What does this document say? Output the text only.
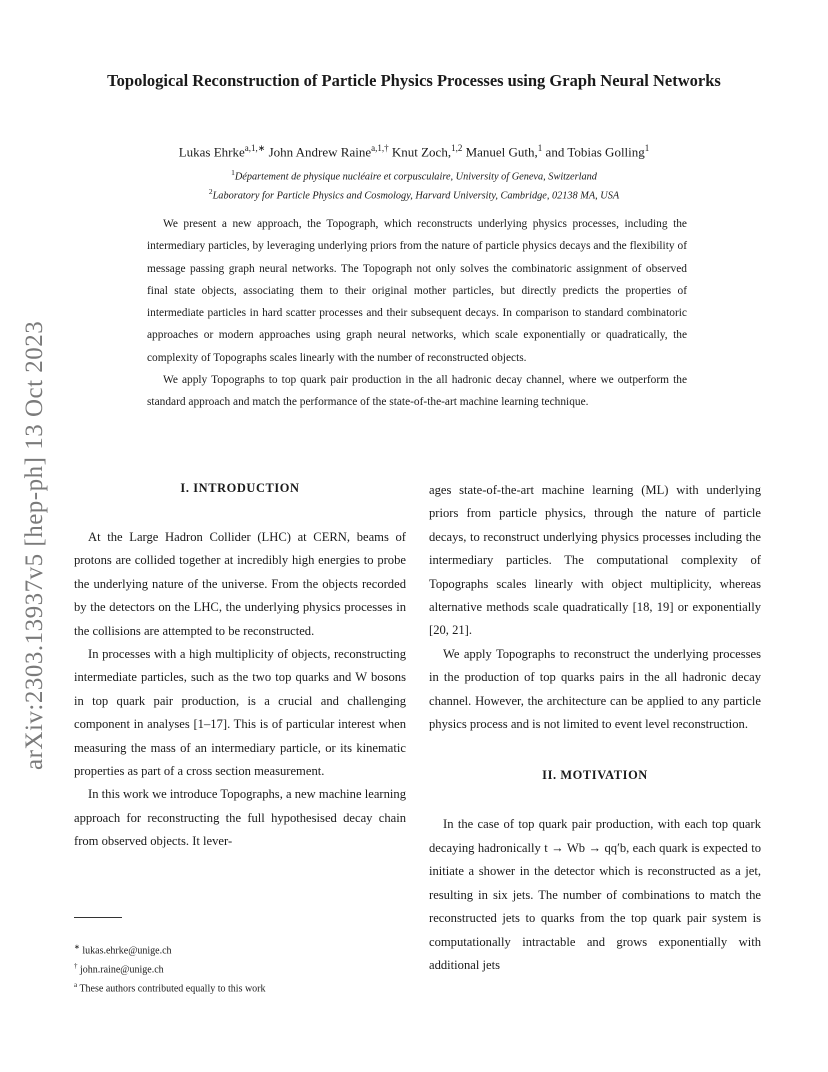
arXiv:2303.13937v5 [hep-ph] 13 Oct 2023
Topological Reconstruction of Particle Physics Processes using Graph Neural Networks
Lukas Ehrke$^{a,1,∗}$ John Andrew Raine$^{a,1,\dagger}$ Knut Zoch,$^{1,2}$ Manuel Guth,$^1$ and Tobias Golling$^1$
$^1$Département de physique nucléaire et corpusculaire, University of Geneva, Switzerland
$^2$Laboratory for Particle Physics and Cosmology, Harvard University, Cambridge, 02138 MA, USA

We present a new approach, the Topograph, which reconstructs underlying physics processes, including the intermediary particles, by leveraging underlying priors from the nature of particle physics decays and the flexibility of message passing graph neural networks. The Topograph not only solves the combinatoric assignment of observed final state objects, associating them to their original mother particles, but directly predicts the properties of intermediate particles in hard scatter processes and their subsequent decays. In comparison to standard combinatoric approaches or modern approaches using graph neural networks, which scale exponentially or quadratically, the complexity of Topographs scales linearly with the number of reconstructed objects.

We apply Topographs to top quark pair production in the all hadronic decay channel, where we outperform the standard approach and match the performance of the state-of-the-art machine learning technique.

I. INTRODUCTION

At the Large Hadron Collider (LHC) at CERN, beams of protons are collided together at incredibly high energies to probe the underlying nature of the universe. From the objects recorded by the detectors on the LHC, the underlying physics processes in the collisions are attempted to be reconstructed.

In processes with a high multiplicity of objects, reconstructing intermediate particles, such as the two top quarks and W bosons in top quark pair production, is a crucial and challenging component in analyses [1–17]. This is of particular interest when measuring the mass of an intermediary particle, or its kinematic properties as part of a cross section measurement.

In this work we introduce Topographs, a new machine learning approach for reconstructing the full hypothesised decay chain from observed objects. It lever-

ages state-of-the-art machine learning (ML) with underlying priors from particle physics, through the nature of particle decays, to reconstruct underlying physics processes including the intermediary particles. The computational complexity of Topographs scales linearly with object multiplicity, whereas alternative methods scale quadratically [18, 19] or exponentially [20, 21].

We apply Topographs to reconstruct the underlying processes in the production of top quarks pairs in the all hadronic decay channel. However, the architecture can be applied to any particle physics process and is not limited to event level reconstruction.

II. MOTIVATION

In the case of top quark pair production, with each top quark decaying hadronically t → Wb → qq′b, each quark is expected to initiate a shower in the detector which is reconstructed as a jet, resulting in six jets. The number of combinations to match the reconstructed jets to quarks from the top quark pair system is computationally intractable and grows exponentially with additional jets

∗ lukas.ehrke@unige.ch
† john.raine@unige.ch
$^a$ These authors contributed equally to this work
